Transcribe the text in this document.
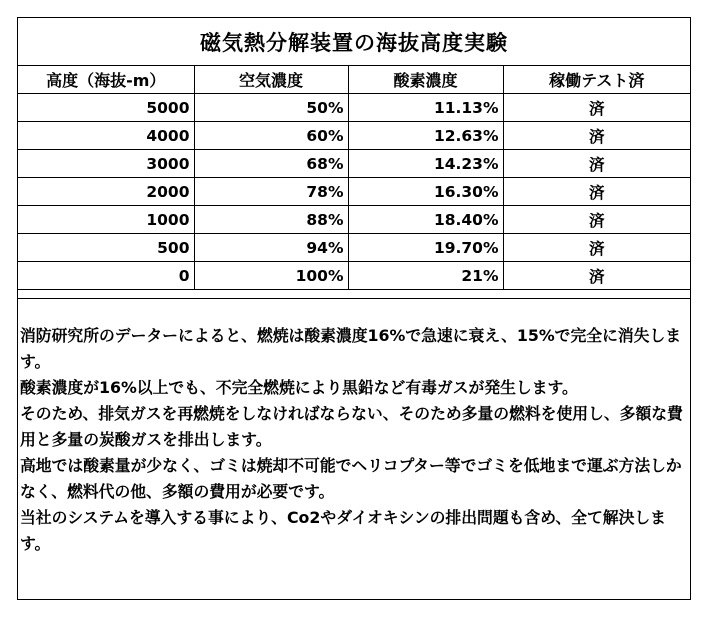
磁気熱分解装置の海抜高度実験
高度（海抜-m）	空気濃度	酸素濃度	稼働テスト済
5000	50%	11.13%	済
4000	60%	12.63%	済
3000	68%	14.23%	済
2000	78%	16.30%	済
1000	88%	18.40%	済
500	94%	19.70%	済
0	100%	21%	済

消防研究所のデーターによると、燃焼は酸素濃度16%で急速に衰え、15%で完全に消失します。

酸素濃度が16%以上でも、不完全燃焼により黒鉛など有毒ガスが発生します。

そのため、排気ガスを再燃焼をしなければならない、そのため多量の燃料を使用し、多額な費用と多量の炭酸ガスを排出します。

高地では酸素量が少なく、ゴミは焼却不可能でヘリコプター等でゴミを低地まで運ぶ方法しかなく、燃料代の他、多額の費用が必要です。

当社のシステムを導入する事により、Co2やダイオキシンの排出問題も含め、全て解決します。
